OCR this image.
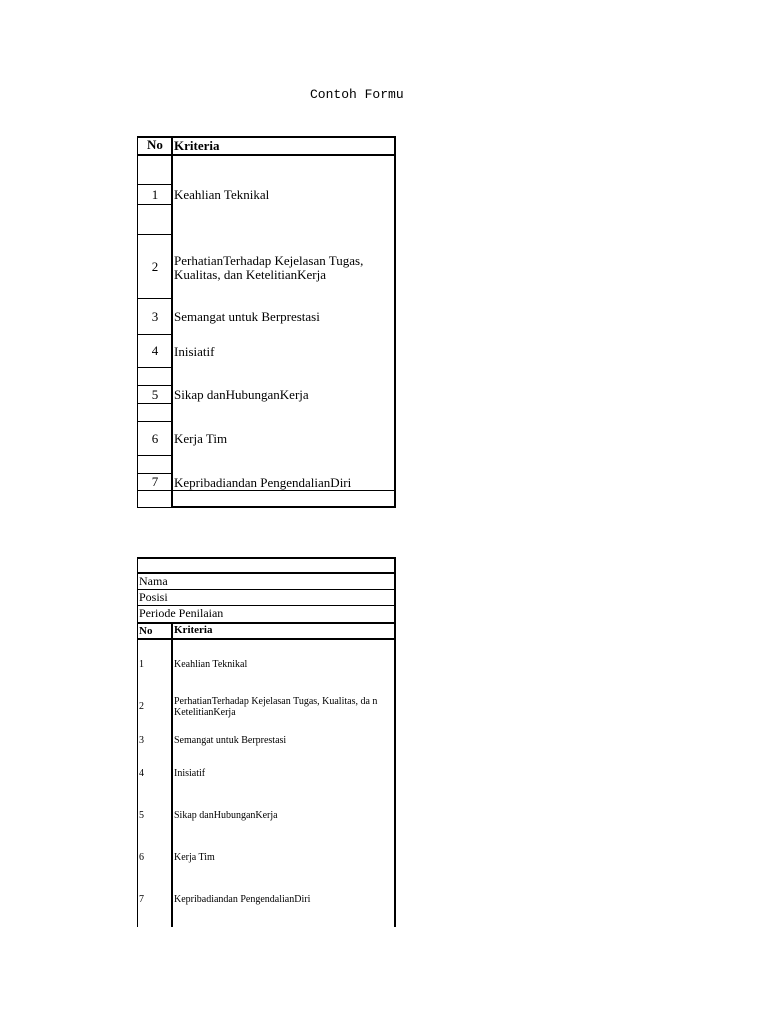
Contoh Formu
No Kriteria
1	Keahlian Teknikal
2	PerhatianTerhadap Kejelasan Tugas, Kualitas, dan KetelitianKerja
3	Semangat untuk Berprestasi
4	Inisiatif
5	Sikap danHubunganKerja
6	Kerja Tim
7	Kepribadiandan PengendalianDiri
Nama
Posisi
Periode Penilaian
No Kriteria
1	Keahlian Teknikal
2	PerhatianTerhadap Kejelasan Tugas, Kualitas, da n KetelitianKerja
3	Semangat untuk Berprestasi
4	Inisiatif
5	Sikap danHubunganKerja
6	Kerja Tim
7	Kepribadiandan PengendalianDiri
